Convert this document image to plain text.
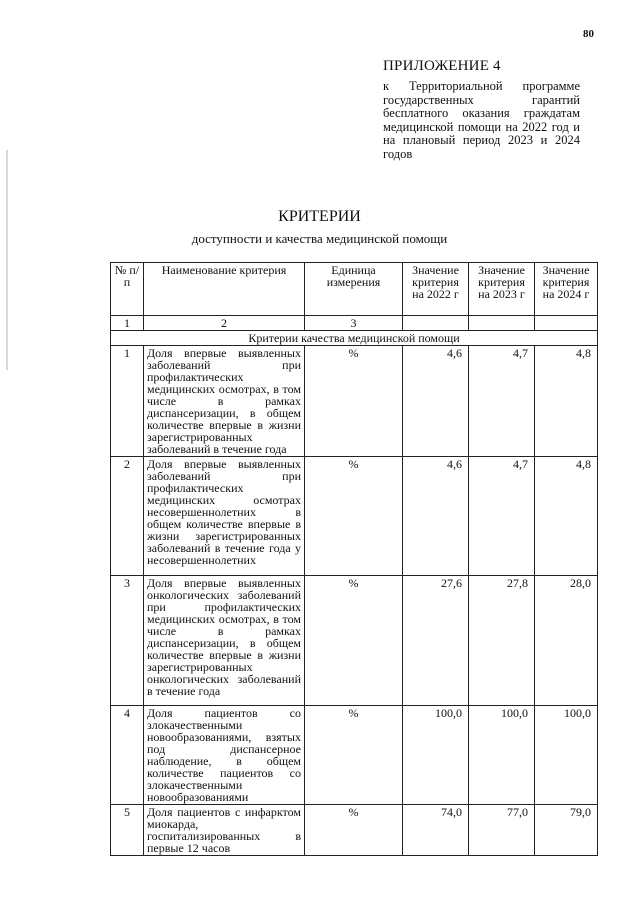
80
ПРИЛОЖЕНИЕ 4
к Территориальной программе государственных гарантий бесплатного оказания граждатам медицинской помощи на 2022 год и на плановый период 2023 и 2024 годов
КРИТЕРИИ
доступности и качества медицинской помощи
№ п/п	Наименование критерия	Единица измерения	Значение критерия на 2022 г	Значение критерия на 2023 г	Значение критерия на 2024 г
1	2	3			
Критерии качества медицинской помощи					
1	Доля впервые выявленных заболеваний при профилактических медицинских осмотрах, в том числе в рамках диспансеризации, в общем количестве впервые в жизни зарегистрированных заболеваний в течение года	%	4,6	4,7	4,8
2	Доля впервые выявленных заболеваний при профилактических медицинских осмотрах несовершеннолетних в общем количестве впервые в жизни зарегистрированных заболеваний в течение года у несовершеннолетних	%	4,6	4,7	4,8
3	Доля впервые выявленных онкологических заболеваний при профилактических медицинских осмотрах, в том числе в рамках диспансеризации, в общем количестве впервые в жизни зарегистрированных онкологических заболеваний в течение года	%	27,6	27,8	28,0
4	Доля пациентов со злокачественными новообразованиями, взятых под диспансерное наблюдение, в общем количестве пациентов со злокачественными новообразованиями	%	100,0	100,0	100,0
5	Доля пациентов с инфарктом миокарда, госпитализированных в первые 12 часов	%	74,0	77,0	79,0
